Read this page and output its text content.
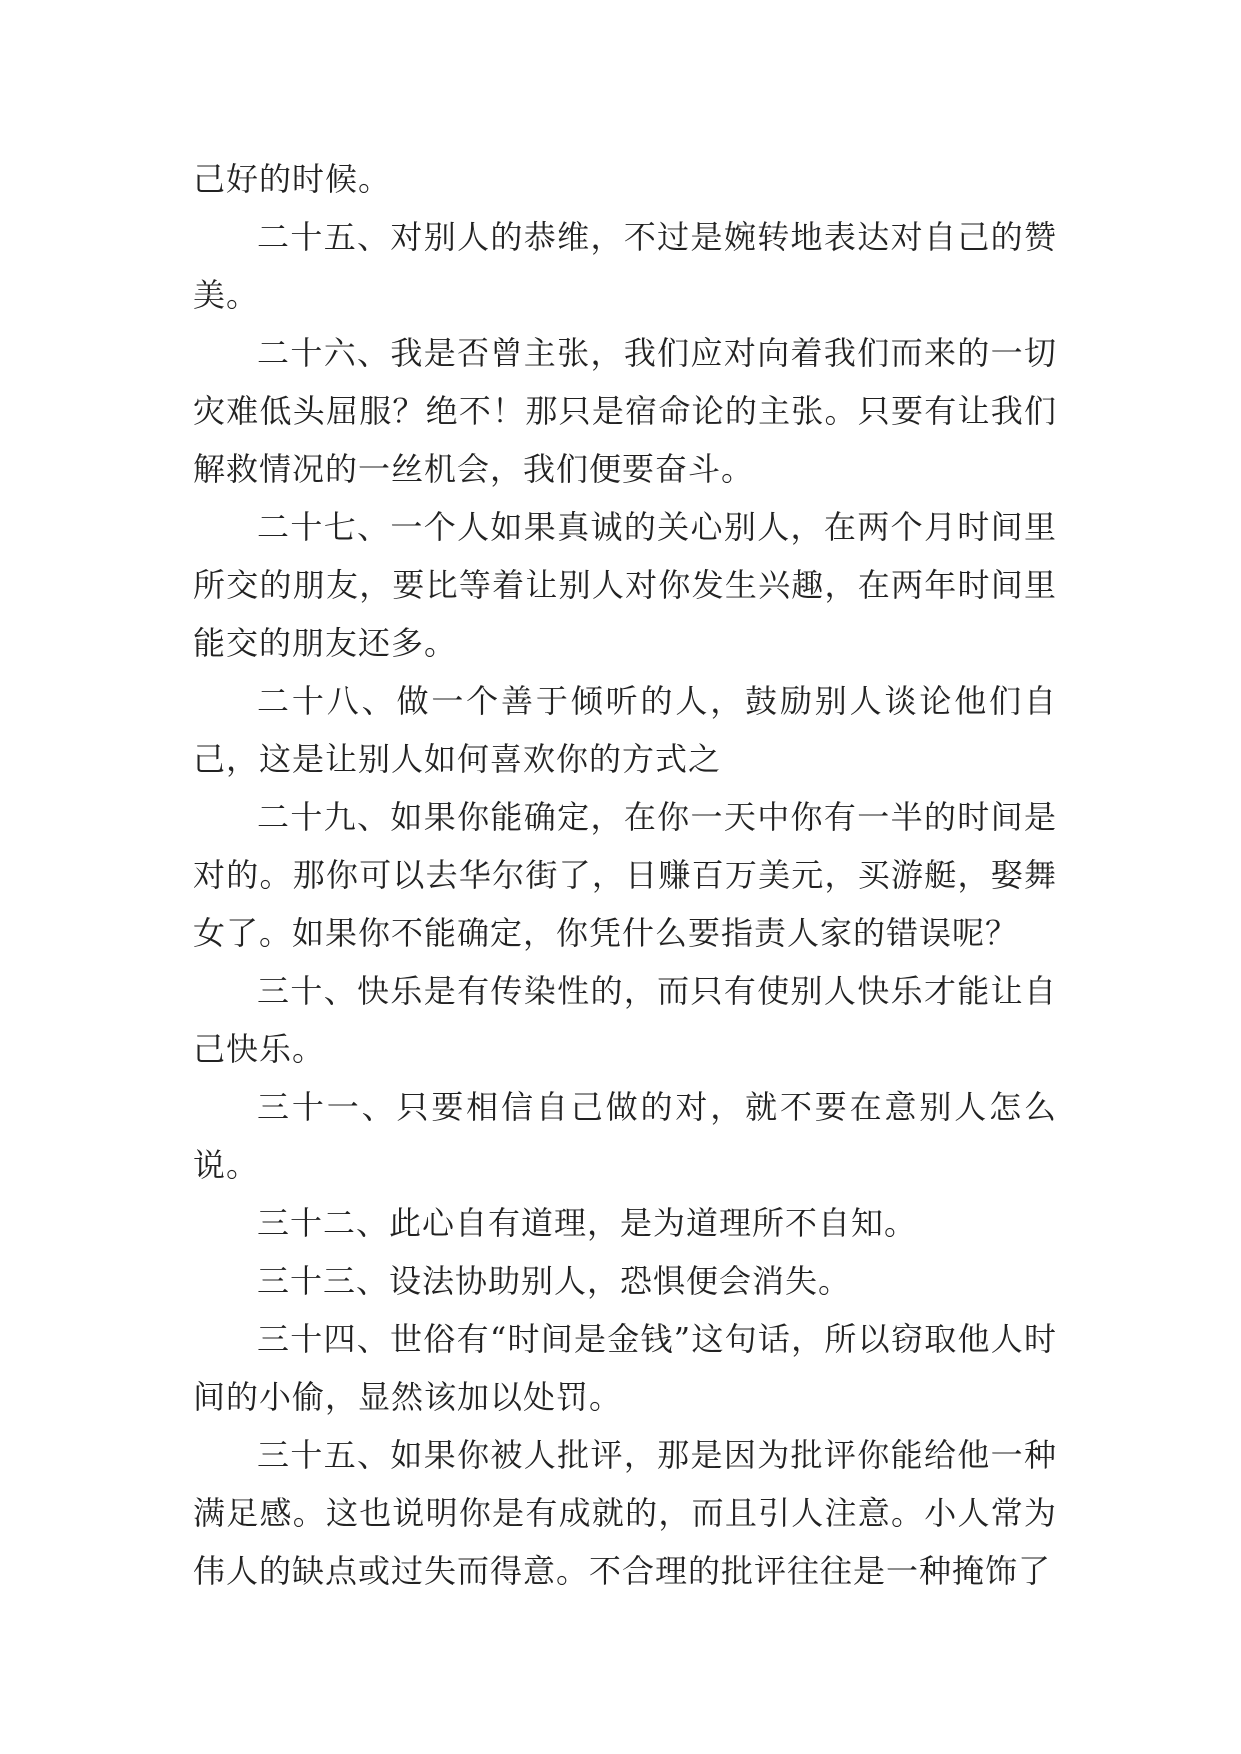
己好的时候。

二十五、对别人的恭维，不过是婉转地表达对自己的赞美。

二十六、我是否曾主张，我们应对向着我们而来的一切灾难低头屈服？绝不！那只是宿命论的主张。只要有让我们解救情况的一丝机会，我们便要奋斗。

二十七、一个人如果真诚的关心别人，在两个月时间里所交的朋友，要比等着让别人对你发生兴趣，在两年时间里能交的朋友还多。

二十八、做一个善于倾听的人，鼓励别人谈论他们自己，这是让别人如何喜欢你的方式之

二十九、如果你能确定，在你一天中你有一半的时间是对的。那你可以去华尔街了，日赚百万美元，买游艇，娶舞女了。如果你不能确定，你凭什么要指责人家的错误呢？

三十、快乐是有传染性的，而只有使别人快乐才能让自己快乐。

三十一、只要相信自己做的对，就不要在意别人怎么说。

三十二、此心自有道理，是为道理所不自知。

三十三、设法协助别人，恐惧便会消失。

三十四、世俗有“时间是金钱”这句话，所以窃取他人时间的小偷，显然该加以处罚。

三十五、如果你被人批评，那是因为批评你能给他一种满足感。这也说明你是有成就的，而且引人注意。小人常为伟人的缺点或过失而得意。不合理的批评往往是一种掩饰了
